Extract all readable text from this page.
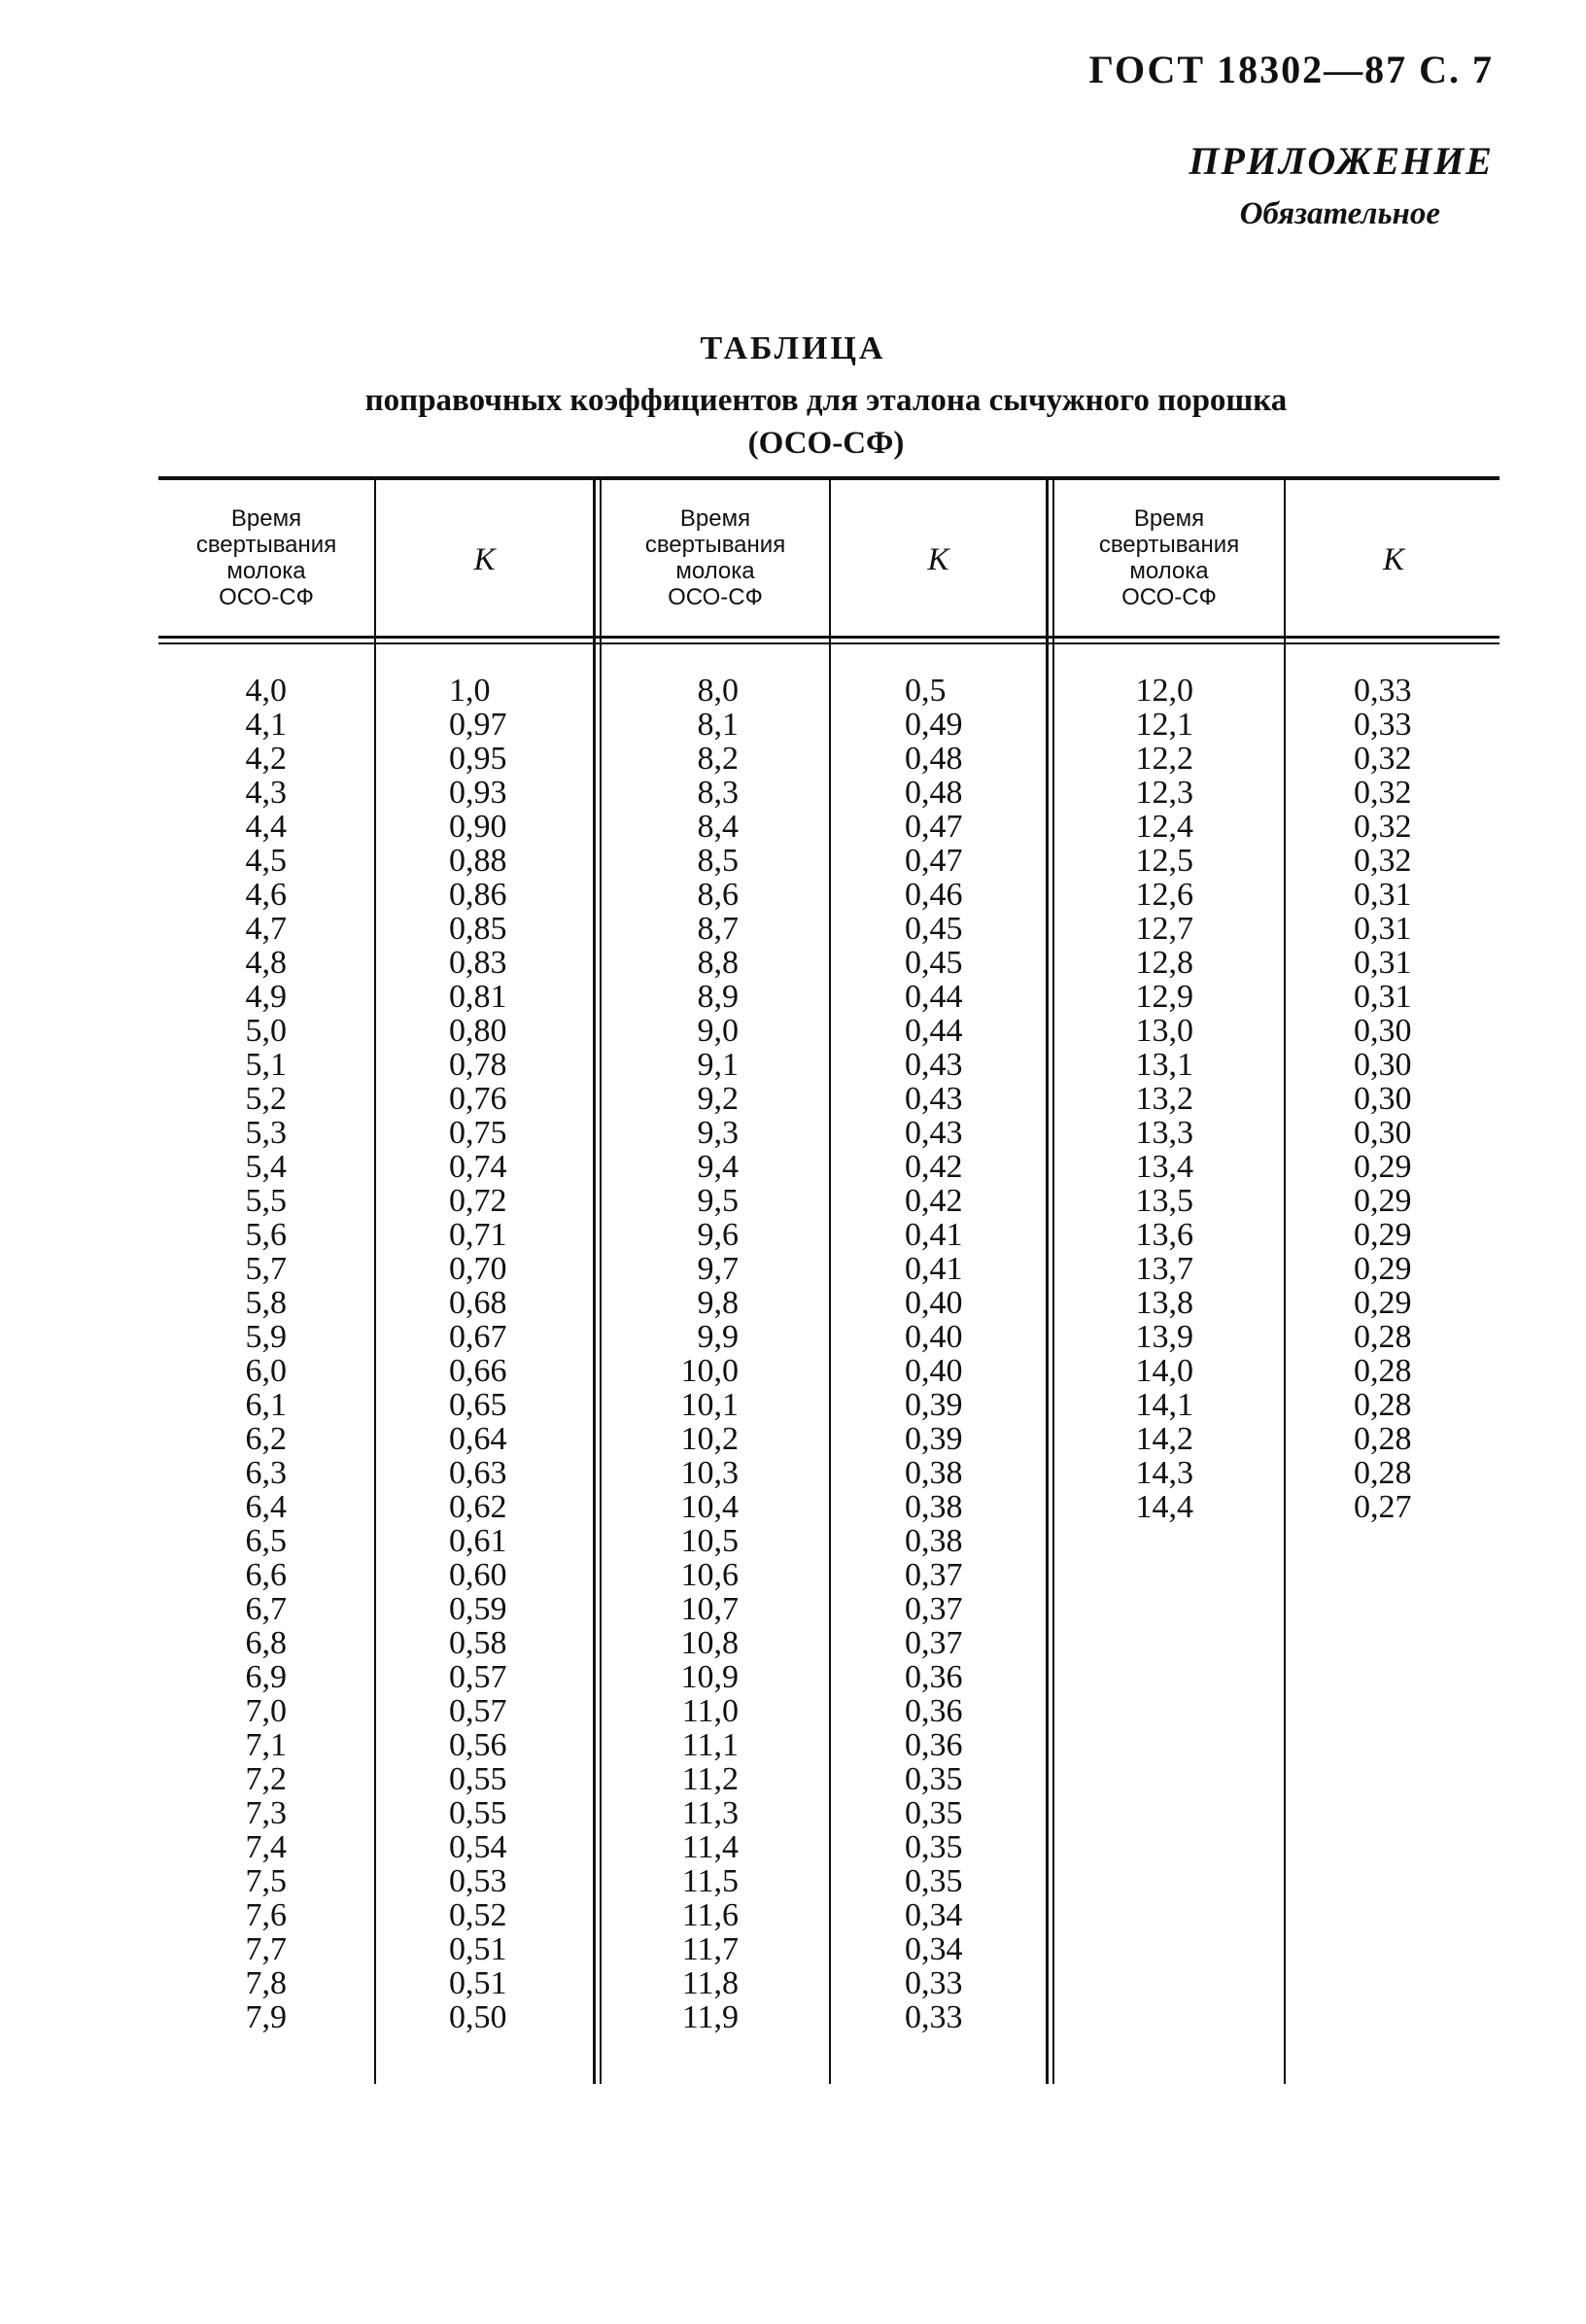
ГОСТ 18302—87 С. 7
ПРИЛОЖЕНИЕ
Обязательное
ТАБЛИЦА
поправочных коэффициентов для эталона сычужного порошка
(ОСО-СФ)
Время
свертывания
молока
ОСО-СФ
К
Время
свертывания
молока
ОСО-СФ
К
Время
свертывания
молока
ОСО-СФ
К
4,0
4,1
4,2
4,3
4,4
4,5
4,6
4,7
4,8
4,9
5,0
5,1
5,2
5,3
5,4
5,5
5,6
5,7
5,8
5,9
6,0
6,1
6,2
6,3
6,4
6,5
6,6
6,7
6,8
6,9
7,0
7,1
7,2
7,3
7,4
7,5
7,6
7,7
7,8
7,9
1,0
0,97
0,95
0,93
0,90
0,88
0,86
0,85
0,83
0,81
0,80
0,78
0,76
0,75
0,74
0,72
0,71
0,70
0,68
0,67
0,66
0,65
0,64
0,63
0,62
0,61
0,60
0,59
0,58
0,57
0,57
0,56
0,55
0,55
0,54
0,53
0,52
0,51
0,51
0,50
8,0
8,1
8,2
8,3
8,4
8,5
8,6
8,7
8,8
8,9
9,0
9,1
9,2
9,3
9,4
9,5
9,6
9,7
9,8
9,9
10,0
10,1
10,2
10,3
10,4
10,5
10,6
10,7
10,8
10,9
11,0
11,1
11,2
11,3
11,4
11,5
11,6
11,7
11,8
11,9
0,5
0,49
0,48
0,48
0,47
0,47
0,46
0,45
0,45
0,44
0,44
0,43
0,43
0,43
0,42
0,42
0,41
0,41
0,40
0,40
0,40
0,39
0,39
0,38
0,38
0,38
0,37
0,37
0,37
0,36
0,36
0,36
0,35
0,35
0,35
0,35
0,34
0,34
0,33
0,33
12,0
12,1
12,2
12,3
12,4
12,5
12,6
12,7
12,8
12,9
13,0
13,1
13,2
13,3
13,4
13,5
13,6
13,7
13,8
13,9
14,0
14,1
14,2
14,3
14,4
0,33
0,33
0,32
0,32
0,32
0,32
0,31
0,31
0,31
0,31
0,30
0,30
0,30
0,30
0,29
0,29
0,29
0,29
0,29
0,28
0,28
0,28
0,28
0,28
0,27
